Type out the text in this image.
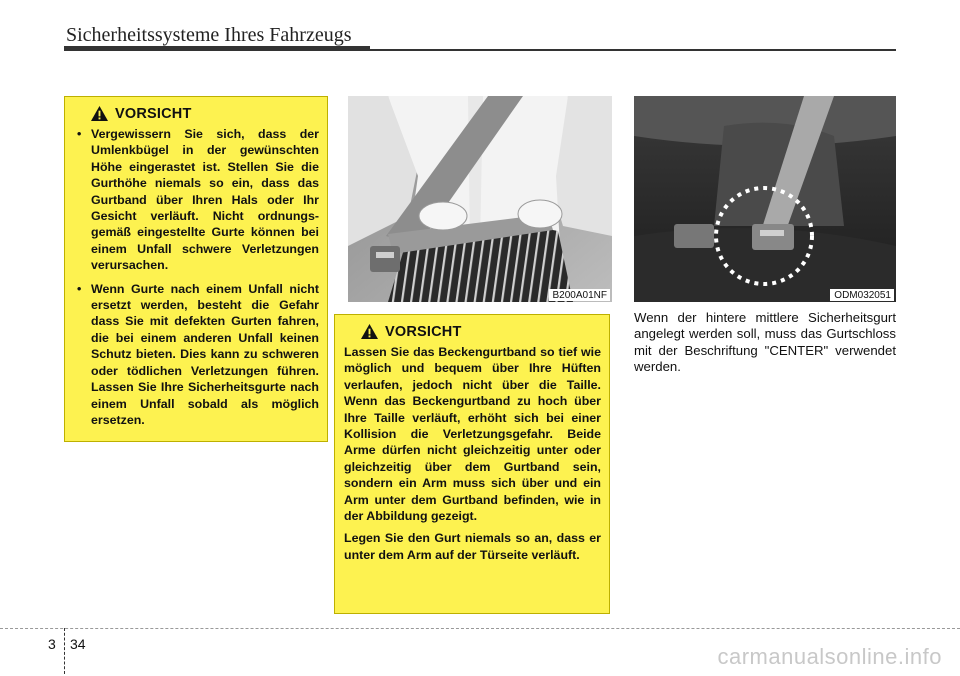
Sicherheitssysteme Ihres Fahrzeugs
VORSICHT
• Vergewissern Sie sich, dass der Umlenkbügel in der gewünschten Höhe eingerastet ist. Stellen Sie die Gurthöhe niemals so ein, dass das Gurtband über Ihren Hals oder Ihr Gesicht verläuft. Nicht ordnungsgemäß eingestellte Gurte können bei einem Unfall schwere Verletzungen verursachen.
• Wenn Gurte nach einem Unfall nicht ersetzt werden, besteht die Gefahr dass Sie mit defekten Gurten fahren, die bei einem anderen Unfall keinen Schutz bieten. Dies kann zu schweren oder tödlichen Verletzungen führen. Lassen Sie Ihre Sicherheitsgurte nach einem Unfall sobald als möglich ersetzen.
B200A01NF
VORSICHT

Lassen Sie das Beckengurtband so tief wie möglich und bequem über Ihre Hüften verlaufen, jedoch nicht über die Taille. Wenn das Beckengurtband zu hoch über Ihre Taille verläuft, erhöht sich bei einer Kollision die Verletzungsgefahr. Beide Arme dürfen nicht gleichzeitig unter oder gleichzeitig über dem Gurtband sein, sondern ein Arm muss sich über und ein Arm unter dem Gurtband befinden, wie in der Abbildung gezeigt.

Legen Sie den Gurt niemals so an, dass er unter dem Arm auf der Türseite verläuft.

ODM032051

Wenn der hintere mittlere Sicherheitsgurt angelegt werden soll, muss das Gurtschloss mit der Beschriftung "CENTER" verwendet werden.

3 34	carmanualsonline.info
